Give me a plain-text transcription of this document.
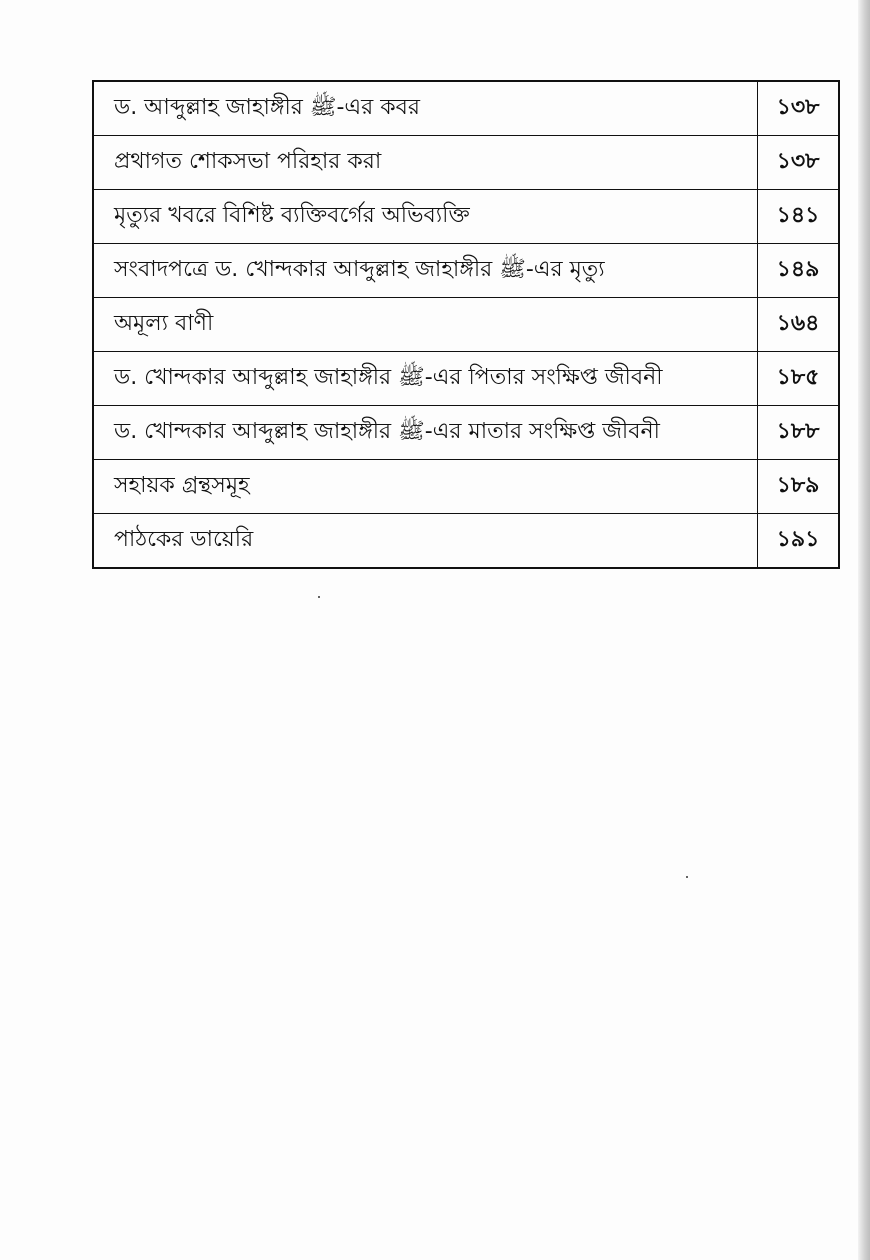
ড. আব্দুল্লাহ জাহাঙ্গীর ﷺ-এর কবর	১৩৮
প্রথাগত শোকসভা পরিহার করা	১৩৮
মৃত্যুর খবরে বিশিষ্ট ব্যক্তিবর্গের অভিব্যক্তি	১৪১
সংবাদপত্রে ড. খোন্দকার আব্দুল্লাহ জাহাঙ্গীর ﷺ-এর মৃত্যু	১৪৯
অমূল্য বাণী	১৬৪
ড. খোন্দকার আব্দুল্লাহ জাহাঙ্গীর ﷺ-এর পিতার সংক্ষিপ্ত জীবনী	১৮৫
ড. খোন্দকার আব্দুল্লাহ জাহাঙ্গীর ﷺ-এর মাতার সংক্ষিপ্ত জীবনী	১৮৮
সহায়ক গ্রন্থসমূহ	১৮৯
পাঠকের ডায়েরি	১৯১
